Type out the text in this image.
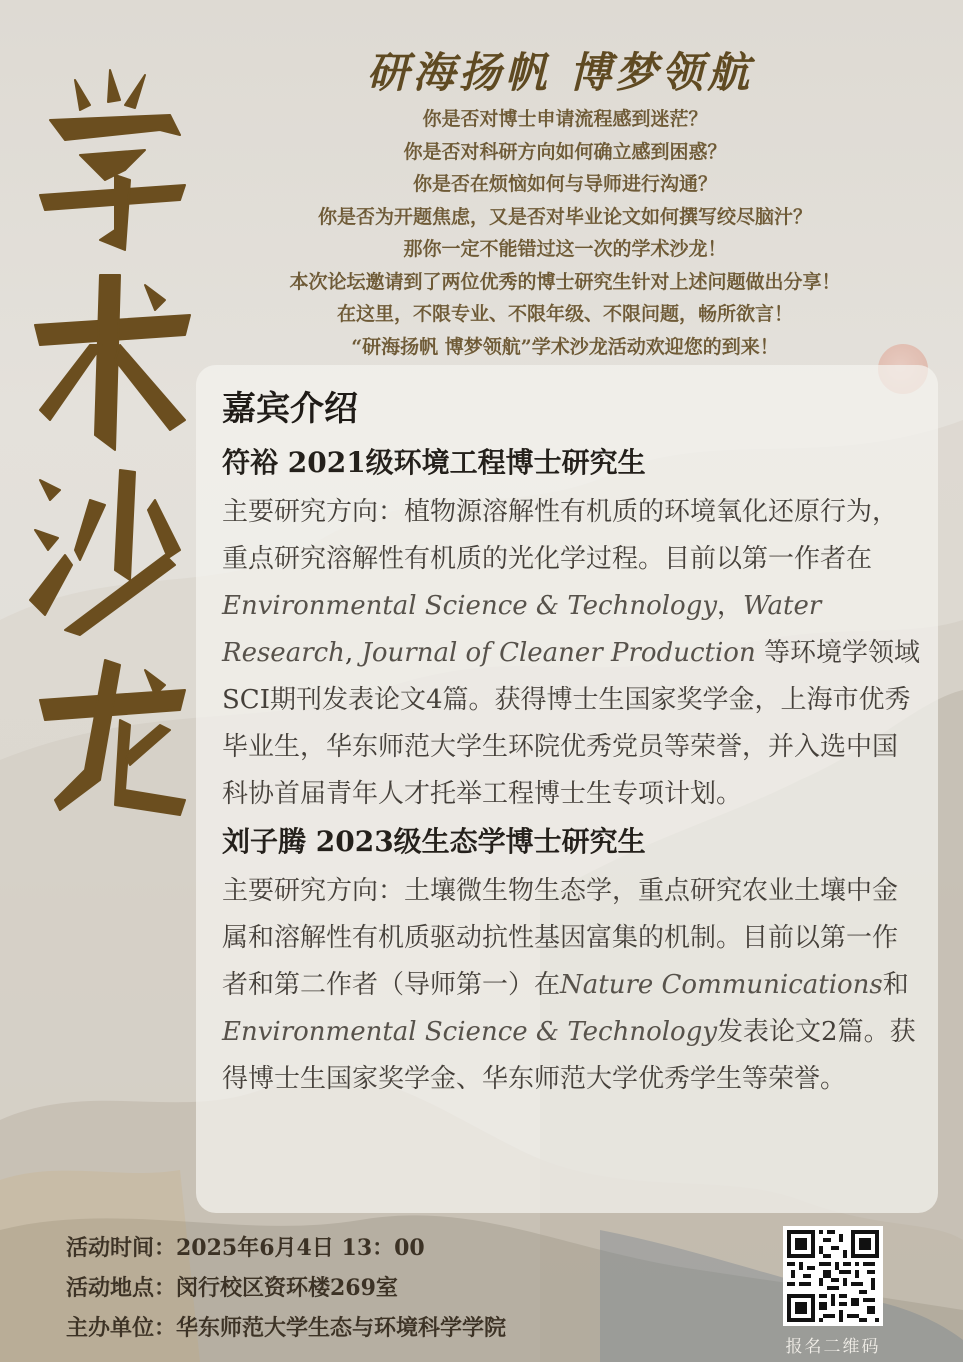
研海扬帆 博梦领航
你是否对博士申请流程感到迷茫？
你是否对科研方向如何确立感到困惑？
你是否在烦恼如何与导师进行沟通？
你是否为开题焦虑，又是否对毕业论文如何撰写绞尽脑汁？
那你一定不能错过这一次的学术沙龙！
本次论坛邀请到了两位优秀的博士研究生针对上述问题做出分享！
在这里，不限专业、不限年级、不限问题，畅所欲言！
“研海扬帆 博梦领航”学术沙龙活动欢迎您的到来！
嘉宾介绍
符裕 2021级环境工程博士研究生
主要研究方向：植物源溶解性有机质的环境氧化还原行为，重点研究溶解性有机质的光化学过程。目前以第一作者在Environmental Science & Technology，Water Research, Journal of Cleaner Production 等环境学领域SCI期刊发表论文4篇。获得博士生国家奖学金，上海市优秀毕业生，华东师范大学生环院优秀党员等荣誉，并入选中国科协首届青年人才托举工程博士生专项计划。
刘子腾 2023级生态学博士研究生
主要研究方向：土壤微生物生态学，重点研究农业土壤中金属和溶解性有机质驱动抗性基因富集的机制。目前以第一作者和第二作者（导师第一）在Nature Communications和Environmental Science & Technology发表论文2篇。获得博士生国家奖学金、华东师范大学优秀学生等荣誉。
活动时间：2025年6月4日 13：00
活动地点：闵行校区资环楼269室
主办单位：华东师范大学生态与环境科学学院
报名二维码
